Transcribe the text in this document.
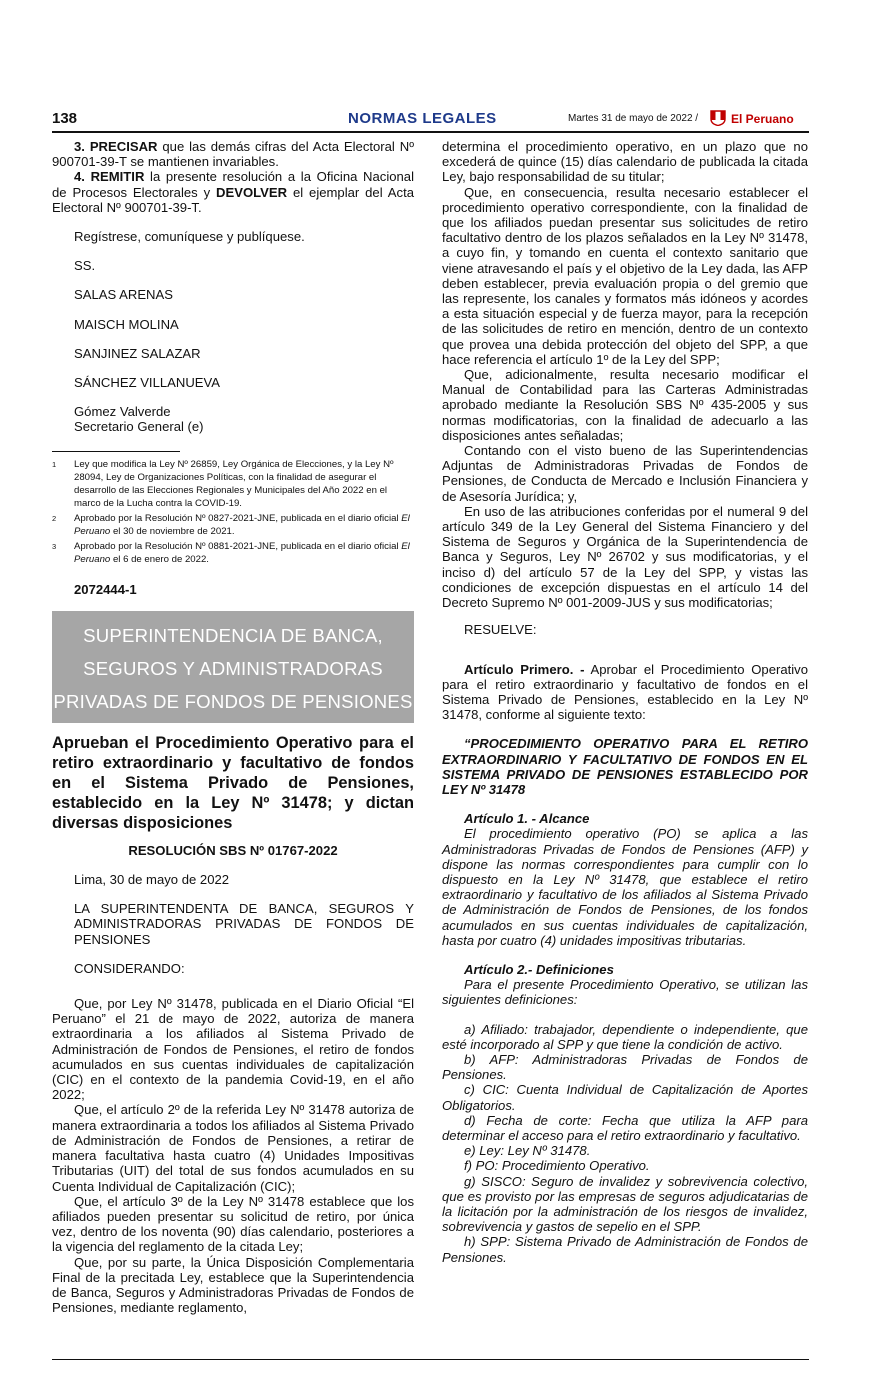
138	NORMAS LEGALES	Martes 31 de mayo de 2022 /	El Peruano

3. PRECISAR que las demás cifras del Acta Electoral Nº 900701-39-T se mantienen invariables.

4. REMITIR la presente resolución a la Oficina Nacional de Procesos Electorales y DEVOLVER el ejemplar del Acta Electoral Nº 900701-39-T.

Regístrese, comuníquese y publíquese.

SS.

SALAS ARENAS

MAISCH MOLINA

SANJINEZ SALAZAR

SÁNCHEZ VILLANUEVA

Gómez Valverde

Secretario General (e)

1	Ley que modifica la Ley Nº 26859, Ley Orgánica de Elecciones, y la Ley Nº 28094, Ley de Organizaciones Políticas, con la finalidad de asegurar el desarrollo de las Elecciones Regionales y Municipales del Año 2022 en el marco de la Lucha contra la COVID-19.
2	Aprobado por la Resolución Nº 0827-2021-JNE, publicada en el diario oficial El Peruano el 30 de noviembre de 2021.
3	Aprobado por la Resolución Nº 0881-2021-JNE, publicada en el diario oficial El Peruano el 6 de enero de 2022.

2072444-1

SUPERINTENDENCIA DE BANCA,
SEGUROS Y ADMINISTRADORAS
PRIVADAS DE FONDOS DE PENSIONES
Aprueban el Procedimiento Operativo para el retiro extraordinario y facultativo de fondos en el Sistema Privado de Pensiones, establecido en la Ley Nº 31478; y dictan diversas disposiciones
RESOLUCIÓN SBS Nº 01767-2022

Lima, 30 de mayo de 2022

LA SUPERINTENDENTA DE BANCA, SEGUROS Y ADMINISTRADORAS PRIVADAS DE FONDOS DE PENSIONES

CONSIDERANDO:

Que, por Ley Nº 31478, publicada en el Diario Oficial “El Peruano” el 21 de mayo de 2022, autoriza de manera extraordinaria a los afiliados al Sistema Privado de Administración de Fondos de Pensiones, el retiro de fondos acumulados en sus cuentas individuales de capitalización (CIC) en el contexto de la pandemia Covid-19, en el año 2022;

Que, el artículo 2º de la referida Ley Nº 31478 autoriza de manera extraordinaria a todos los afiliados al Sistema Privado de Administración de Fondos de Pensiones, a retirar de manera facultativa hasta cuatro (4) Unidades Impositivas Tributarias (UIT) del total de sus fondos acumulados en su Cuenta Individual de Capitalización (CIC);

Que, el artículo 3º de la Ley Nº 31478 establece que los afiliados pueden presentar su solicitud de retiro, por única vez, dentro de los noventa (90) días calendario, posteriores a la vigencia del reglamento de la citada Ley;

Que, por su parte, la Única Disposición Complementaria Final de la precitada Ley, establece que la Superintendencia de Banca, Seguros y Administradoras Privadas de Fondos de Pensiones, mediante reglamento,

determina el procedimiento operativo, en un plazo que no excederá de quince (15) días calendario de publicada la citada Ley, bajo responsabilidad de su titular;

Que, en consecuencia, resulta necesario establecer el procedimiento operativo correspondiente, con la finalidad de que los afiliados puedan presentar sus solicitudes de retiro facultativo dentro de los plazos señalados en la Ley Nº 31478, a cuyo fin, y tomando en cuenta el contexto sanitario que viene atravesando el país y el objetivo de la Ley dada, las AFP deben establecer, previa evaluación propia o del gremio que las represente, los canales y formatos más idóneos y acordes a esta situación especial y de fuerza mayor, para la recepción de las solicitudes de retiro en mención, dentro de un contexto que provea una debida protección del objeto del SPP, a que hace referencia el artículo 1º de la Ley del SPP;

Que, adicionalmente, resulta necesario modificar el Manual de Contabilidad para las Carteras Administradas aprobado mediante la Resolución SBS Nº 435-2005 y sus normas modificatorias, con la finalidad de adecuarlo a las disposiciones antes señaladas;

Contando con el visto bueno de las Superintendencias Adjuntas de Administradoras Privadas de Fondos de Pensiones, de Conducta de Mercado e Inclusión Financiera y de Asesoría Jurídica; y,

En uso de las atribuciones conferidas por el numeral 9 del artículo 349 de la Ley General del Sistema Financiero y del Sistema de Seguros y Orgánica de la Superintendencia de Banca y Seguros, Ley Nº 26702 y sus modificatorias, y el inciso d) del artículo 57 de la Ley del SPP, y vistas las condiciones de excepción dispuestas en el artículo 14 del Decreto Supremo Nº 001-2009-JUS y sus modificatorias;

RESUELVE:

Artículo Primero. - Aprobar el Procedimiento Operativo para el retiro extraordinario y facultativo de fondos en el Sistema Privado de Pensiones, establecido en la Ley Nº 31478, conforme al siguiente texto:

“PROCEDIMIENTO OPERATIVO PARA EL RETIRO EXTRAORDINARIO Y FACULTATIVO DE FONDOS EN EL SISTEMA PRIVADO DE PENSIONES ESTABLECIDO POR LEY Nº 31478

Artículo 1. - Alcance

El procedimiento operativo (PO) se aplica a las Administradoras Privadas de Fondos de Pensiones (AFP) y dispone las normas correspondientes para cumplir con lo dispuesto en la Ley Nº 31478, que establece el retiro extraordinario y facultativo de los afiliados al Sistema Privado de Administración de Fondos de Pensiones, de los fondos acumulados en sus cuentas individuales de capitalización, hasta por cuatro (4) unidades impositivas tributarias.

Artículo 2.- Definiciones

Para el presente Procedimiento Operativo, se utilizan las siguientes definiciones:

a) Afiliado: trabajador, dependiente o independiente, que esté incorporado al SPP y que tiene la condición de activo.

b) AFP: Administradoras Privadas de Fondos de Pensiones.

c) CIC: Cuenta Individual de Capitalización de Aportes Obligatorios.

d) Fecha de corte: Fecha que utiliza la AFP para determinar el acceso para el retiro extraordinario y facultativo.

e) Ley: Ley Nº 31478.

f) PO: Procedimiento Operativo.

g) SISCO: Seguro de invalidez y sobrevivencia colectivo, que es provisto por las empresas de seguros adjudicatarias de la licitación por la administración de los riesgos de invalidez, sobrevivencia y gastos de sepelio en el SPP.

h) SPP: Sistema Privado de Administración de Fondos de Pensiones.
